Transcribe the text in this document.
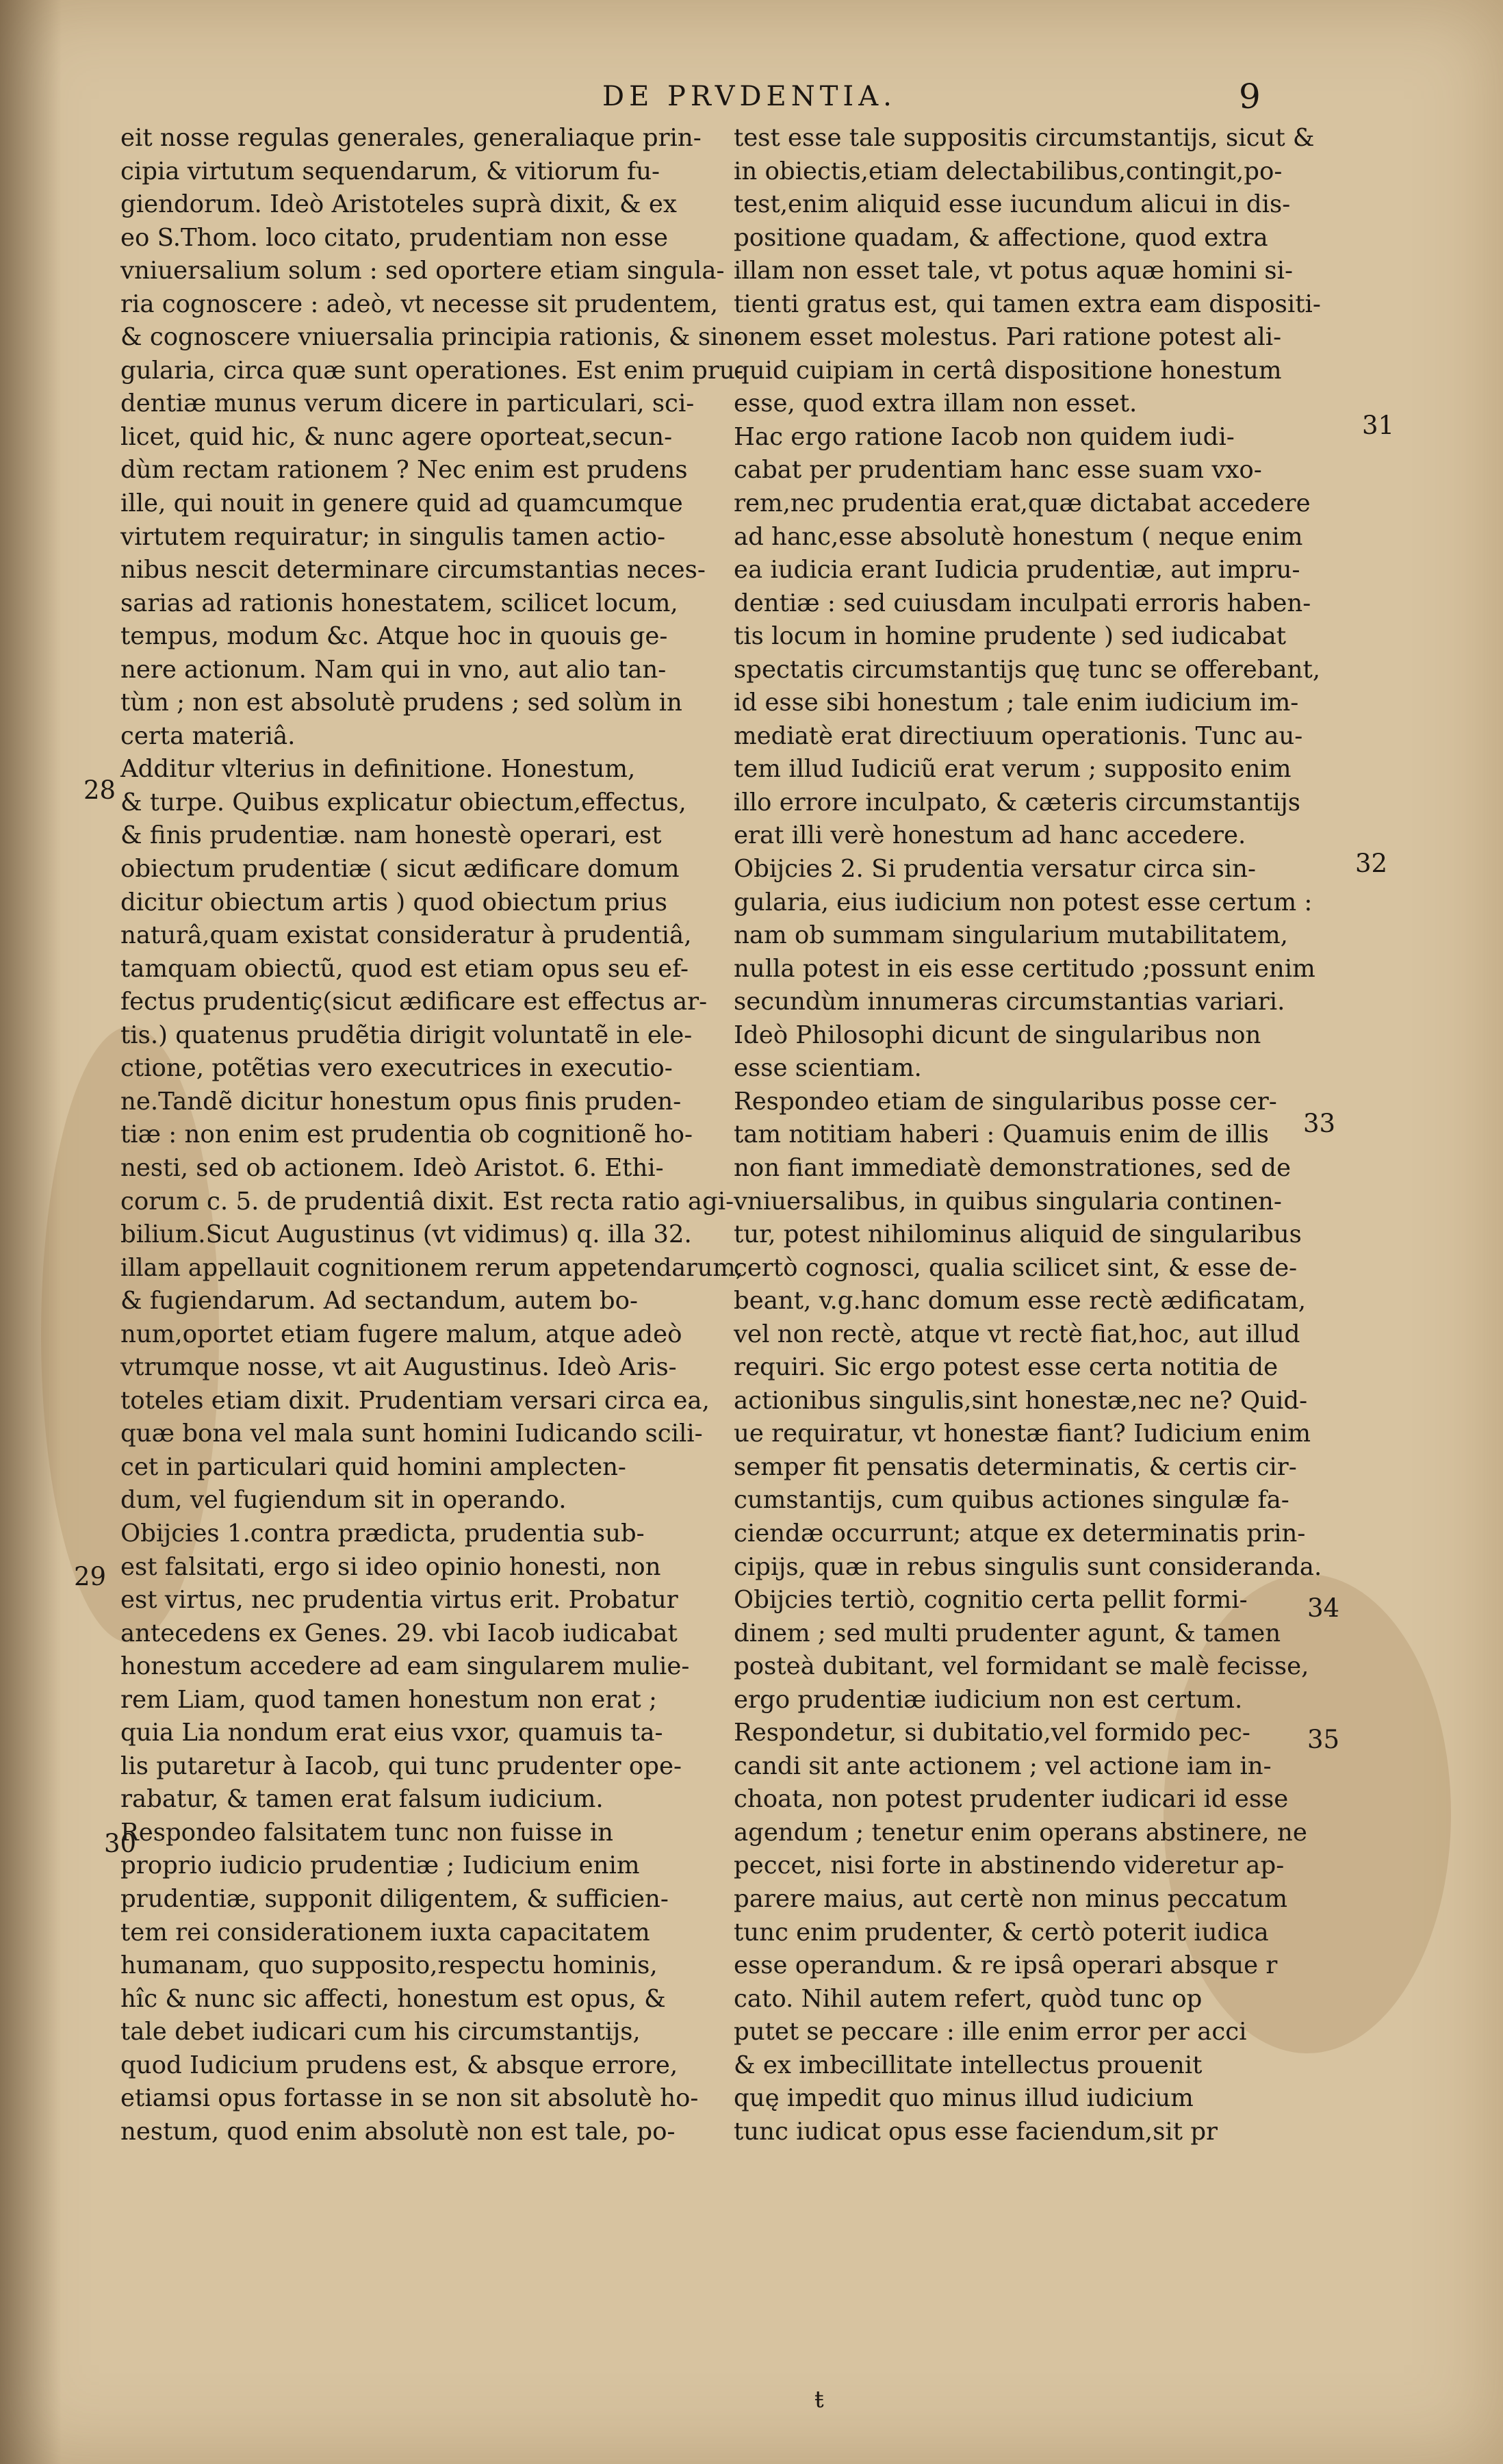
DE PRVDENTIA.	9
eit nosse regulas generales, generaliaque prin-
cipia virtutum sequendarum, & vitiorum fu-
giendorum. Ideò Aristoteles suprà dixit, & ex
eo S.Thom. loco citato, prudentiam non esse
vniuersalium solum : sed oportere etiam singula-
ria cognoscere : adeò, vt necesse sit prudentem,
& cognoscere vniuersalia principia rationis, & sin-
gularia, circa quæ sunt operationes. Est enim pru-
dentiæ munus verum dicere in particulari, sci-
licet, quid hic, & nunc agere oporteat,secun-
dùm rectam rationem ? Nec enim est prudens
ille, qui nouit in genere quid ad quamcumque
virtutem requiratur; in singulis tamen actio-
nibus nescit determinare circumstantias neces-
sarias ad rationis honestatem, scilicet locum,
tempus, modum &c. Atque hoc in quouis ge-
nere actionum. Nam qui in vno, aut alio tan-
tùm ; non est absolutè prudens ; sed solùm in
certa materiâ.
Additur vlterius in definitione. Honestum,
& turpe. Quibus explicatur obiectum,effectus,
& finis prudentiæ. nam honestè operari, est
obiectum prudentiæ ( sicut ædificare domum
dicitur obiectum artis ) quod obiectum prius
naturâ,quam existat consideratur à prudentiâ,
tamquam obiectũ, quod est etiam opus seu ef-
fectus prudentiç(sicut ædificare est effectus ar-
tis.) quatenus prudẽtia dirigit voluntatẽ in ele-
ctione, potẽtias vero executrices in executio-
ne.Tandẽ dicitur honestum opus finis pruden-
tiæ : non enim est prudentia ob cognitionẽ ho-
nesti, sed ob actionem. Ideò Aristot. 6. Ethi-
corum c. 5. de prudentiâ dixit. Est recta ratio agi-
bilium.Sicut Augustinus (vt vidimus) q. illa 32.
illam appellauit cognitionem rerum appetendarum,
& fugiendarum. Ad sectandum, autem bo-
num,oportet etiam fugere malum, atque adeò
vtrumque nosse, vt ait Augustinus. Ideò Aris-
toteles etiam dixit. Prudentiam versari circa ea,
quæ bona vel mala sunt homini Iudicando scili-
cet in particulari quid homini amplecten-
dum, vel fugiendum sit in operando.
Obijcies 1.contra prædicta, prudentia sub-
est falsitati, ergo si ideo opinio honesti, non
est virtus, nec prudentia virtus erit. Probatur
antecedens ex Genes. 29. vbi Iacob iudicabat
honestum accedere ad eam singularem mulie-
rem Liam, quod tamen honestum non erat ;
quia Lia nondum erat eius vxor, quamuis ta-
lis putaretur à Iacob, qui tunc prudenter ope-
rabatur, & tamen erat falsum iudicium.
Respondeo falsitatem tunc non fuisse in
proprio iudicio prudentiæ ; Iudicium enim
prudentiæ, supponit diligentem, & sufficien-
tem rei considerationem iuxta capacitatem
humanam, quo supposito,respectu hominis,
hîc & nunc sic affecti, honestum est opus, &
tale debet iudicari cum his circumstantijs,
quod Iudicium prudens est, & absque errore,
etiamsi opus fortasse in se non sit absolutè ho-
nestum, quod enim absolutè non est tale, po-
test esse tale suppositis circumstantijs, sicut &
in obiectis,etiam delectabilibus,contingit,po-
test,enim aliquid esse iucundum alicui in dis-
positione quadam, & affectione, quod extra
illam non esset tale, vt potus aquæ homini si-
tienti gratus est, qui tamen extra eam dispositi-
onem esset molestus. Pari ratione potest ali-
quid cuipiam in certâ dispositione honestum
esse, quod extra illam non esset.
Hac ergo ratione Iacob non quidem iudi-
cabat per prudentiam hanc esse suam vxo-
rem,nec prudentia erat,quæ dictabat accedere
ad hanc,esse absolutè honestum ( neque enim
ea iudicia erant Iudicia prudentiæ, aut impru-
dentiæ : sed cuiusdam inculpati erroris haben-
tis locum in homine prudente ) sed iudicabat
spectatis circumstantijs quę tunc se offerebant,
id esse sibi honestum ; tale enim iudicium im-
mediatè erat directiuum operationis. Tunc au-
tem illud Iudiciũ erat verum ; supposito enim
illo errore inculpato, & cæteris circumstantijs
erat illi verè honestum ad hanc accedere.
Obijcies 2. Si prudentia versatur circa sin-
gularia, eius iudicium non potest esse certum :
nam ob summam singularium mutabilitatem,
nulla potest in eis esse certitudo ;possunt enim
secundùm innumeras circumstantias variari.
Ideò Philosophi dicunt de singularibus non
esse scientiam.
Respondeo etiam de singularibus posse cer-
tam notitiam haberi : Quamuis enim de illis
non fiant immediatè demonstrationes, sed de
vniuersalibus, in quibus singularia continen-
tur, potest nihilominus aliquid de singularibus
certò cognosci, qualia scilicet sint, & esse de-
beant, v.g.hanc domum esse rectè ædificatam,
vel non rectè, atque vt rectè fiat,hoc, aut illud
requiri. Sic ergo potest esse certa notitia de
actionibus singulis,sint honestæ,nec ne? Quid-
ue requiratur, vt honestæ fiant? Iudicium enim
semper fit pensatis determinatis, & certis cir-
cumstantijs, cum quibus actiones singulæ fa-
ciendæ occurrunt; atque ex determinatis prin-
cipijs, quæ in rebus singulis sunt consideranda.
Obijcies tertiò, cognitio certa pellit formi-
dinem ; sed multi prudenter agunt, & tamen
posteà dubitant, vel formidant se malè fecisse,
ergo prudentiæ iudicium non est certum.
Respondetur, si dubitatio,vel formido pec-
candi sit ante actionem ; vel actione iam in-
choata, non potest prudenter iudicari id esse
agendum ; tenetur enim operans abstinere, ne
peccet, nisi forte in abstinendo videretur ap-
parere maius, aut certè non minus peccatum
tunc enim prudenter, & certò poterit iudica
esse operandum. & re ipsâ operari absque r
cato. Nihil autem refert, quòd tunc op
putet se peccare : ille enim error per acci
& ex imbecillitate intellectus prouenit
quę impedit quo minus illud iudicium
tunc iudicat opus esse faciendum,sit pr
28
29
30
31
32
33
34
35
ŧ
